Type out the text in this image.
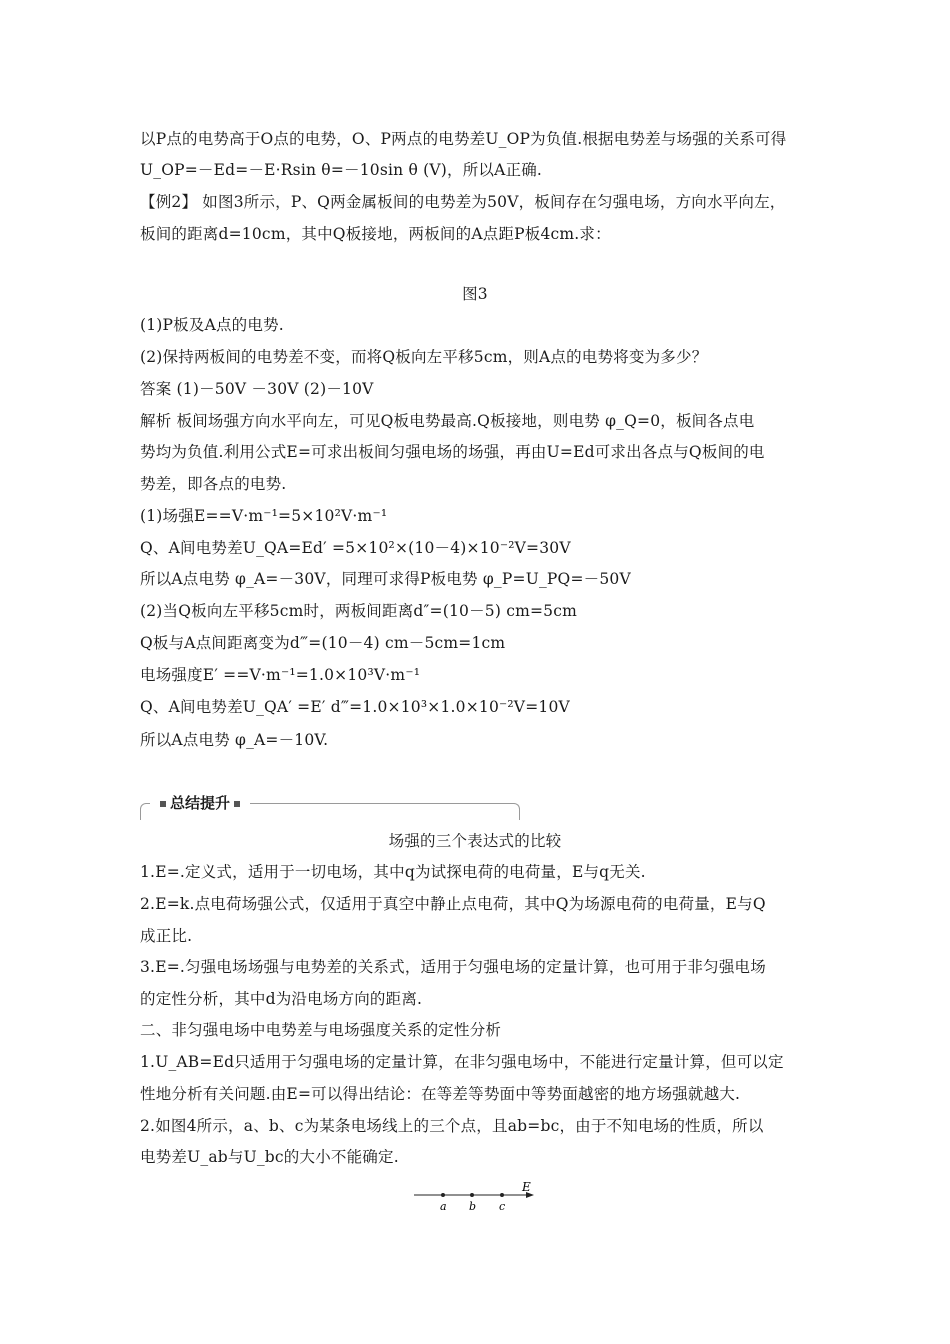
以P点的电势高于O点的电势，O、P两点的电势差U_OP为负值.根据电势差与场强的关系可得
U_OP=－Ed=－E·Rsin θ=－10sin θ (V)，所以A正确.
【例2】 如图3所示，P、Q两金属板间的电势差为50V，板间存在匀强电场，方向水平向左，
板间的距离d=10cm，其中Q板接地，两板间的A点距P板4cm.求：
图3
(1)P板及A点的电势.
(2)保持两板间的电势差不变，而将Q板向左平移5cm，则A点的电势将变为多少？
答案 (1)－50V －30V (2)－10V
解析 板间场强方向水平向左，可见Q板电势最高.Q板接地，则电势 φ_Q=0，板间各点电
势均为负值.利用公式E=可求出板间匀强电场的场强，再由U=Ed可求出各点与Q板间的电
势差，即各点的电势.
(1)场强E==V·m⁻¹=5×10²V·m⁻¹
Q、A间电势差U_QA=Ed′ =5×10²×(10－4)×10⁻²V=30V
所以A点电势 φ_A=－30V，同理可求得P板电势 φ_P=U_PQ=－50V
(2)当Q板向左平移5cm时，两板间距离d″=(10－5) cm=5cm
Q板与A点间距离变为d‴=(10－4) cm－5cm=1cm
电场强度E′ ==V·m⁻¹=1.0×10³V·m⁻¹
Q、A间电势差U_QA′ =E′ d‴=1.0×10³×1.0×10⁻²V=10V
所以A点电势 φ_A=－10V.
总结提升
场强的三个表达式的比较
1.E=.定义式，适用于一切电场，其中q为试探电荷的电荷量，E与q无关.
2.E=k.点电荷场强公式，仅适用于真空中静止点电荷，其中Q为场源电荷的电荷量，E与Q
成正比.
3.E=.匀强电场场强与电势差的关系式，适用于匀强电场的定量计算，也可用于非匀强电场
的定性分析，其中d为沿电场方向的距离.
二、非匀强电场中电势差与电场强度关系的定性分析
1.U_AB=Ed只适用于匀强电场的定量计算，在非匀强电场中，不能进行定量计算，但可以定
性地分析有关问题.由E=可以得出结论：在等差等势面中等势面越密的地方场强就越大.
2.如图4所示，a、b、c为某条电场线上的三个点，且ab=bc，由于不知电场的性质，所以
电势差U_ab与U_bc的大小不能确定.
E
a b c
